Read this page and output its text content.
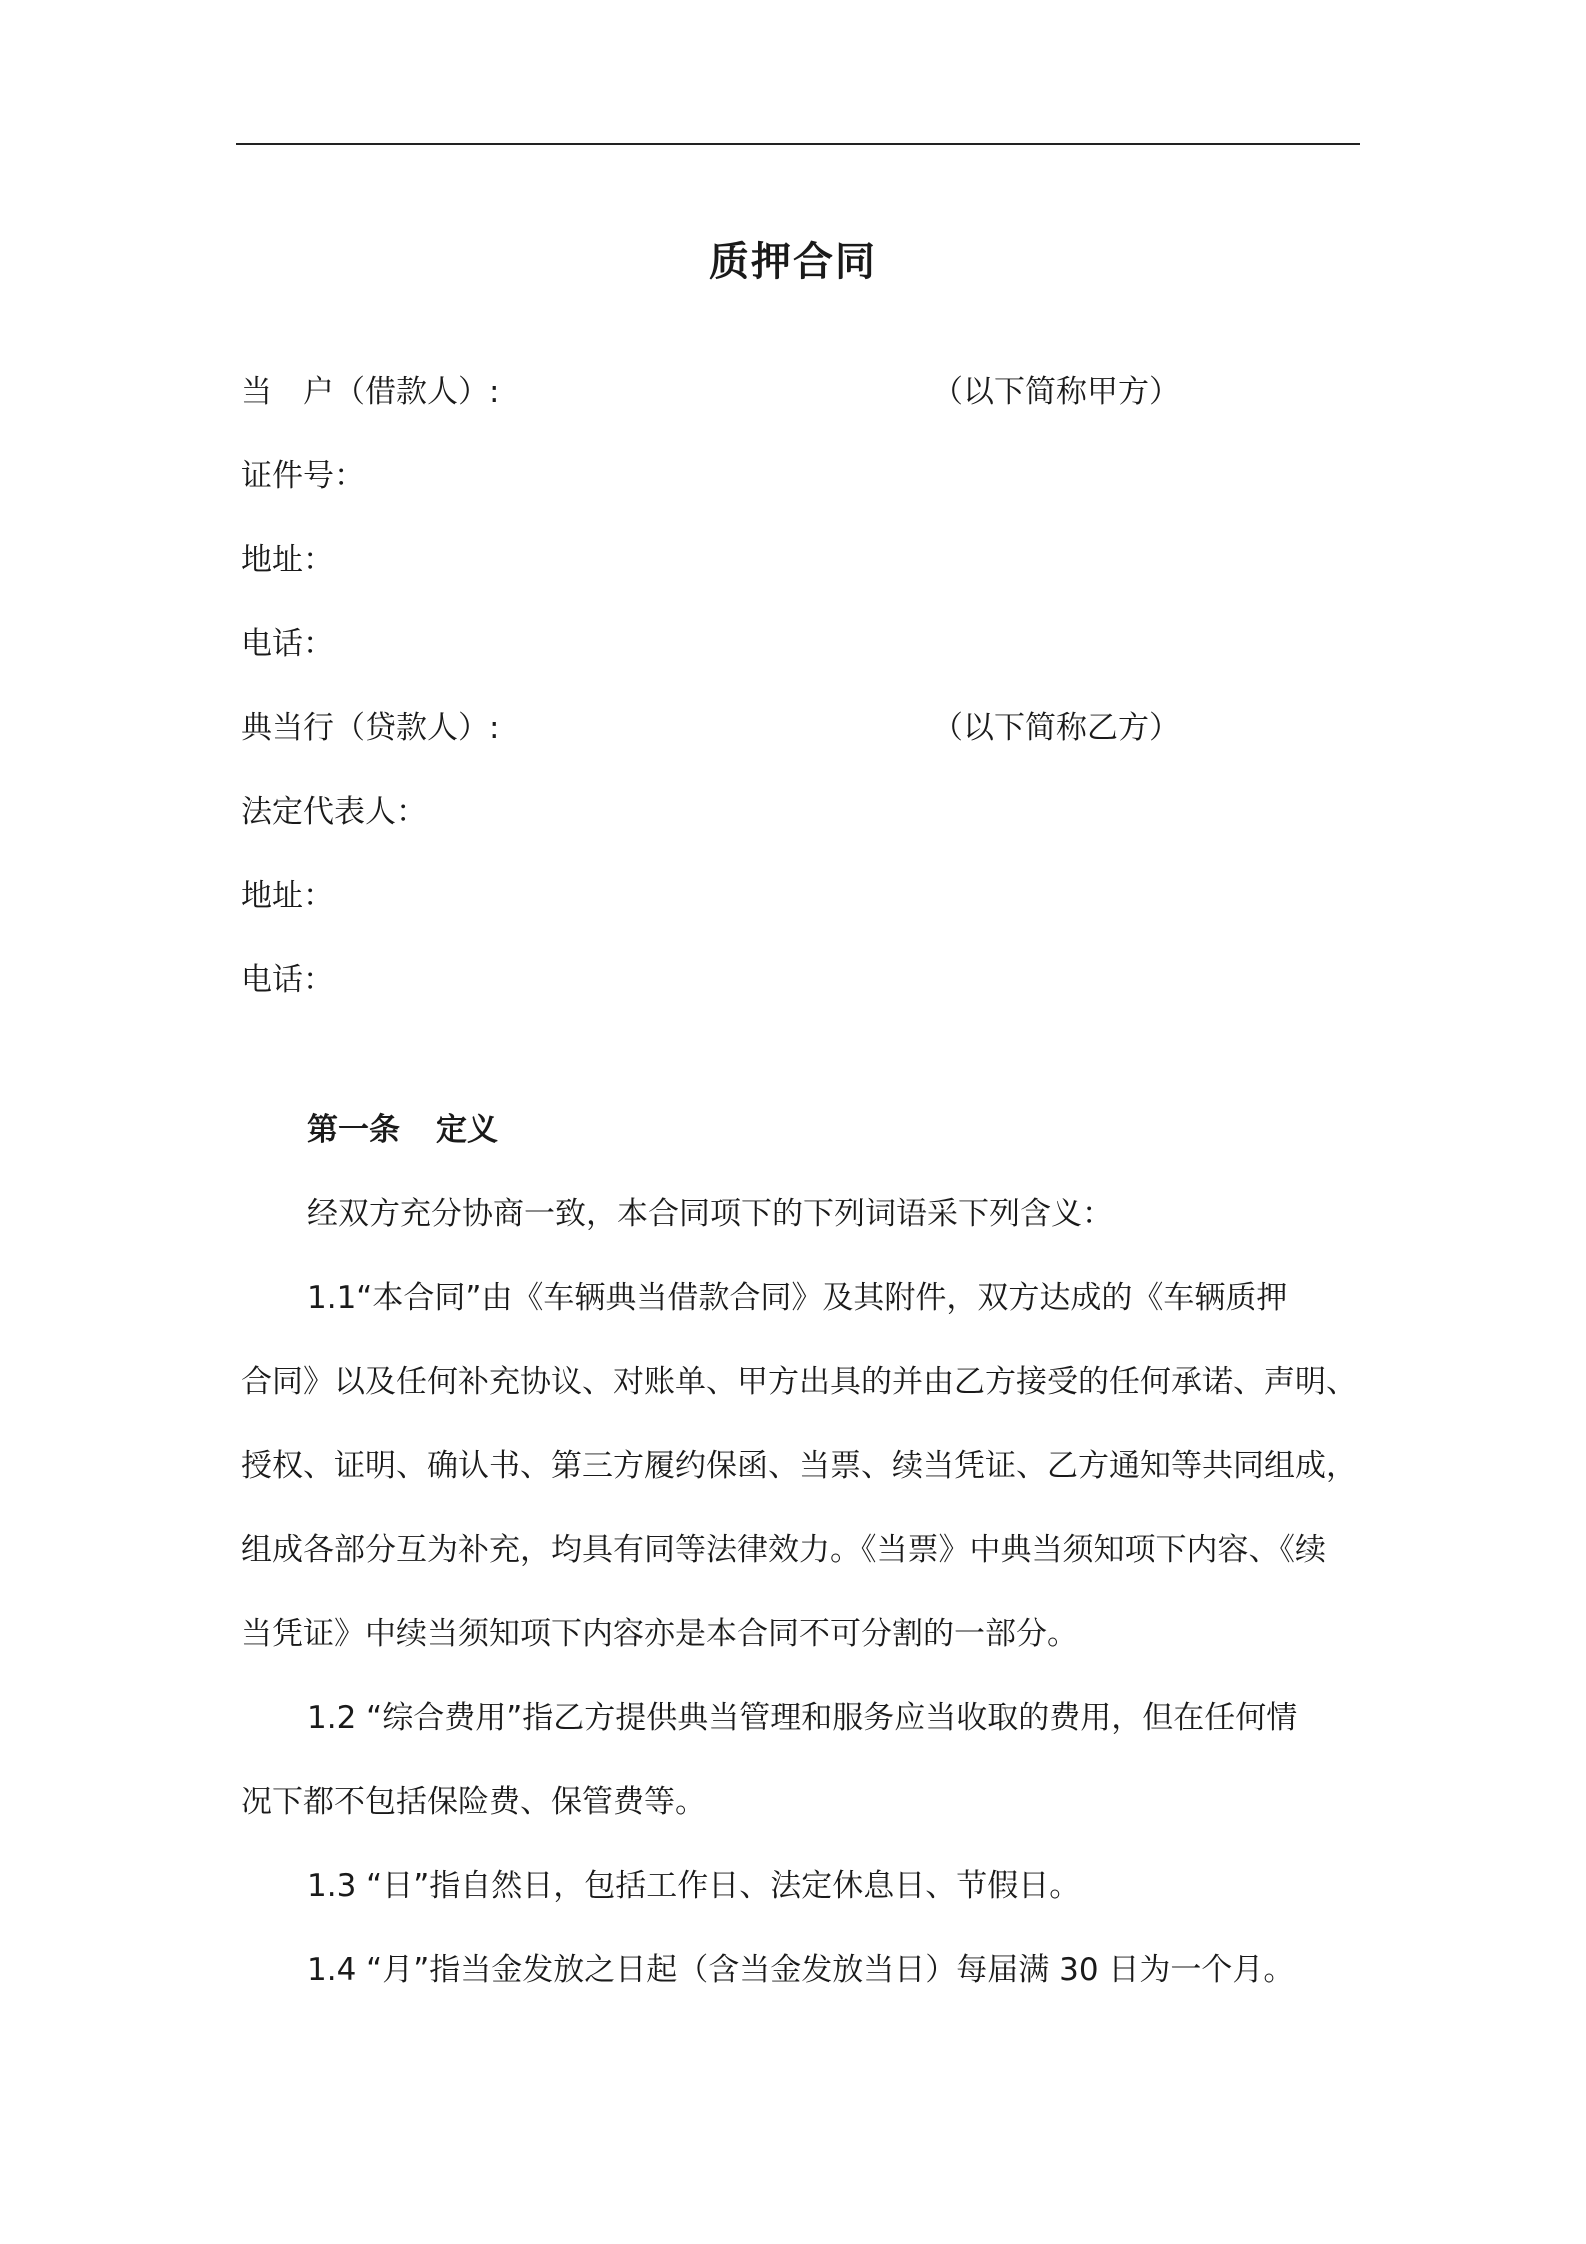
质押合同
当　户（借款人）:	（以下简称甲方）
证件号：
地址：
电话：
典当行（贷款人）:	（以下简称乙方）
法定代表人：
地址：
电话：
第一条 定义
经双方充分协商一致，本合同项下的下列词语采下列含义：
1.1“本合同”由《车辆典当借款合同》及其附件，双方达成的《车辆质押
合同》以及任何补充协议、对账单、甲方出具的并由乙方接受的任何承诺、声明、
授权、证明、确认书、第三方履约保函、当票、续当凭证、乙方通知等共同组成，
组成各部分互为补充，均具有同等法律效力。《当票》中典当须知项下内容、《续
当凭证》中续当须知项下内容亦是本合同不可分割的一部分。
1.2 “综合费用”指乙方提供典当管理和服务应当收取的费用，但在任何情
况下都不包括保险费、保管费等。
1.3 “日”指自然日，包括工作日、法定休息日、节假日。
1.4 “月”指当金发放之日起（含当金发放当日）每届满 30 日为一个月。
